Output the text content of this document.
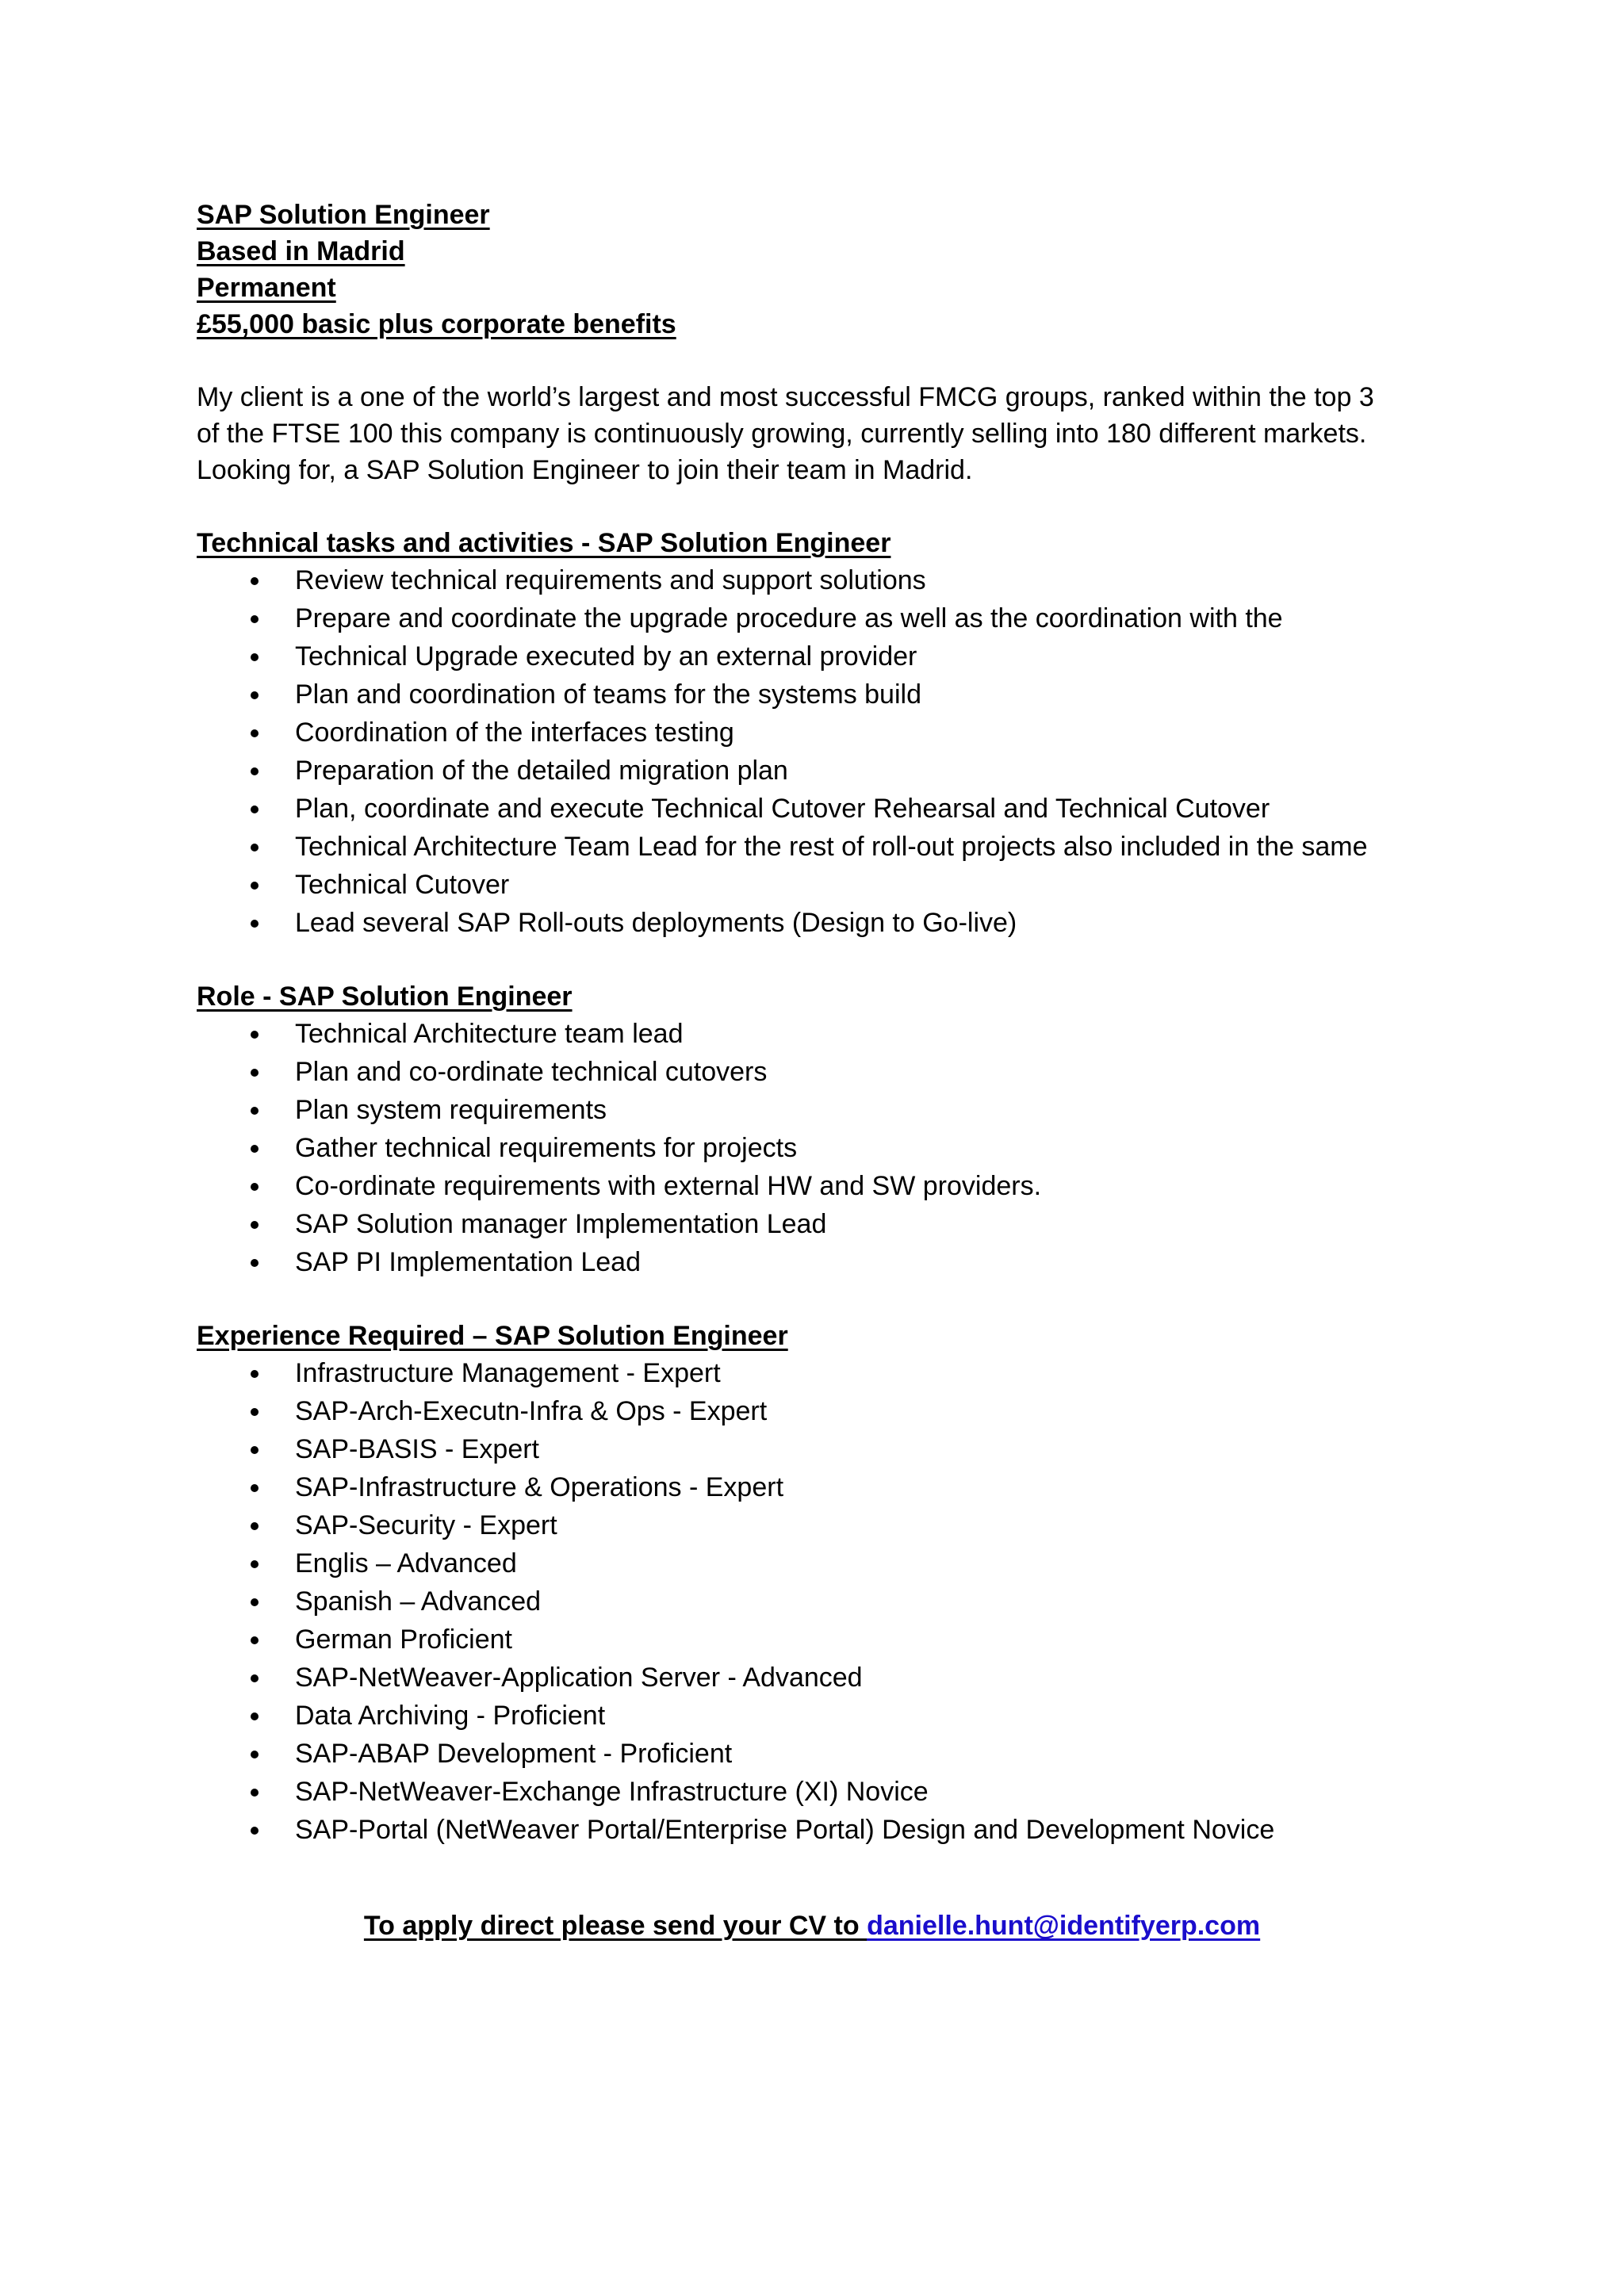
SAP Solution Engineer
Based in Madrid
Permanent
£55,000 basic plus corporate benefits
My client is a one of the world’s largest and most successful FMCG groups, ranked within the top 3
of the FTSE 100 this company is continuously growing, currently selling into 180 different markets.
Looking for, a SAP Solution Engineer to join their team in Madrid.
Technical tasks and activities - SAP Solution Engineer
Review technical requirements and support solutions
Prepare and coordinate the upgrade procedure as well as the coordination with the
Technical Upgrade executed by an external provider
Plan and coordination of teams for the systems build
Coordination of the interfaces testing
Preparation of the detailed migration plan
Plan, coordinate and execute Technical Cutover Rehearsal and Technical Cutover
Technical Architecture Team Lead for the rest of roll-out projects also included in the same
Technical Cutover
Lead several SAP Roll-outs deployments (Design to Go-live)
Role - SAP Solution Engineer
Technical Architecture team lead
Plan and co-ordinate technical cutovers
Plan system requirements
Gather technical requirements for projects
Co-ordinate requirements with external HW and SW providers.
SAP Solution manager Implementation Lead
SAP PI Implementation Lead
Experience Required – SAP Solution Engineer
Infrastructure Management - Expert
SAP-Arch-Executn-Infra & Ops - Expert
SAP-BASIS - Expert
SAP-Infrastructure & Operations - Expert
SAP-Security - Expert
Englis – Advanced
Spanish – Advanced
German Proficient
SAP-NetWeaver-Application Server - Advanced
Data Archiving - Proficient
SAP-ABAP Development - Proficient
SAP-NetWeaver-Exchange Infrastructure (XI) Novice
SAP-Portal (NetWeaver Portal/Enterprise Portal) Design and Development Novice
To apply direct please send your CV to danielle.hunt@identifyerp.com
